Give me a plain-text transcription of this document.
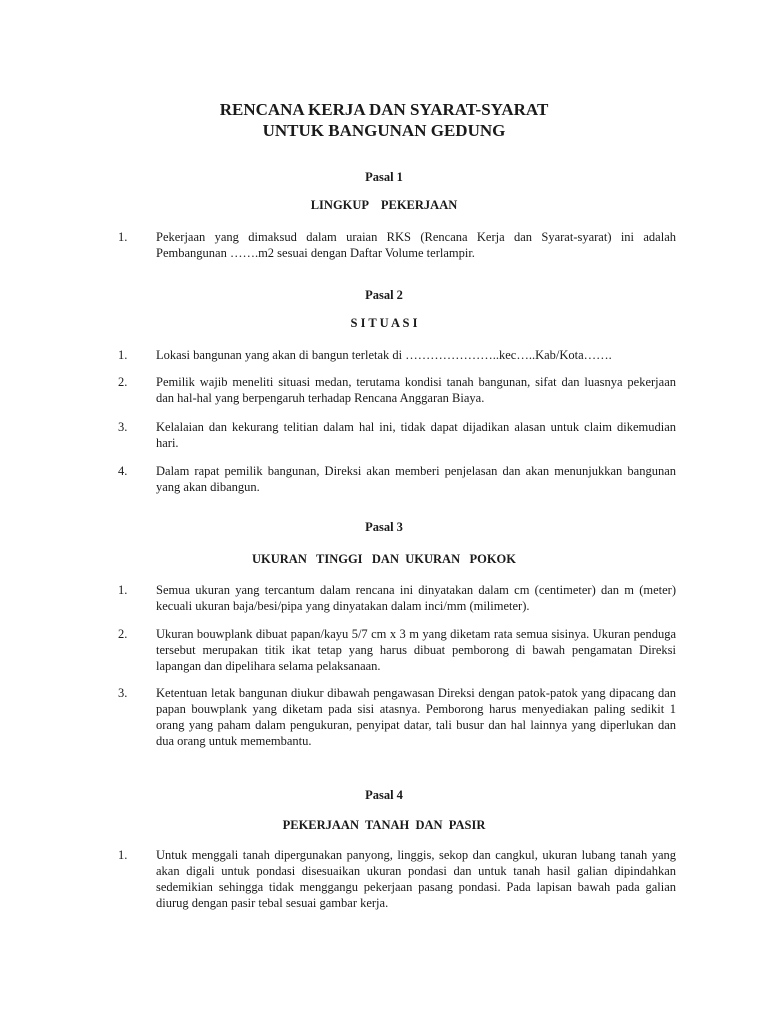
RENCANA KERJA DAN SYARAT-SYARAT
UNTUK BANGUNAN GEDUNG
Pasal 1
LINGKUP    PEKERJAAN
1. Pekerjaan yang dimaksud dalam uraian RKS (Rencana Kerja dan Syarat-syarat) ini adalah Pembangunan …….m2 sesuai dengan Daftar Volume terlampir.
Pasal 2
S I T U A S I
1. Lokasi bangunan yang akan di bangun terletak di …………………..kec…..Kab/Kota…….
2. Pemilik wajib meneliti situasi medan, terutama kondisi tanah bangunan, sifat dan luasnya pekerjaan dan hal-hal yang berpengaruh terhadap Rencana Anggaran Biaya.
3. Kelalaian dan kekurang telitian dalam hal ini, tidak dapat dijadikan alasan untuk claim dikemudian hari.
4. Dalam rapat pemilik bangunan, Direksi akan memberi penjelasan dan akan menunjukkan bangunan yang akan dibangun.
Pasal 3
UKURAN   TINGGI   DAN  UKURAN   POKOK
1. Semua ukuran yang tercantum dalam rencana ini dinyatakan dalam cm (centimeter) dan m (meter) kecuali ukuran baja/besi/pipa yang dinyatakan dalam inci/mm (milimeter).
2. Ukuran bouwplank dibuat papan/kayu 5/7 cm x 3 m yang diketam rata semua sisinya. Ukuran penduga tersebut merupakan titik ikat tetap yang harus dibuat pemborong di bawah pengamatan Direksi lapangan dan dipelihara selama pelaksanaan.
3. Ketentuan letak bangunan diukur dibawah pengawasan Direksi dengan patok-patok yang dipacang dan papan bouwplank yang diketam pada sisi atasnya. Pemborong harus menyediakan paling sedikit 1 orang yang paham dalam pengukuran, penyipat datar, tali busur dan hal lainnya yang diperlukan dan dua orang untuk memembantu.
Pasal 4
PEKERJAAN  TANAH  DAN  PASIR
1. Untuk menggali tanah dipergunakan panyong, linggis, sekop dan cangkul, ukuran lubang tanah yang akan digali untuk pondasi disesuaikan ukuran pondasi dan untuk tanah hasil galian dipindahkan sedemikian sehingga tidak menggangu pekerjaan pasang pondasi. Pada lapisan bawah pada galian diurug dengan pasir tebal sesuai gambar kerja.
